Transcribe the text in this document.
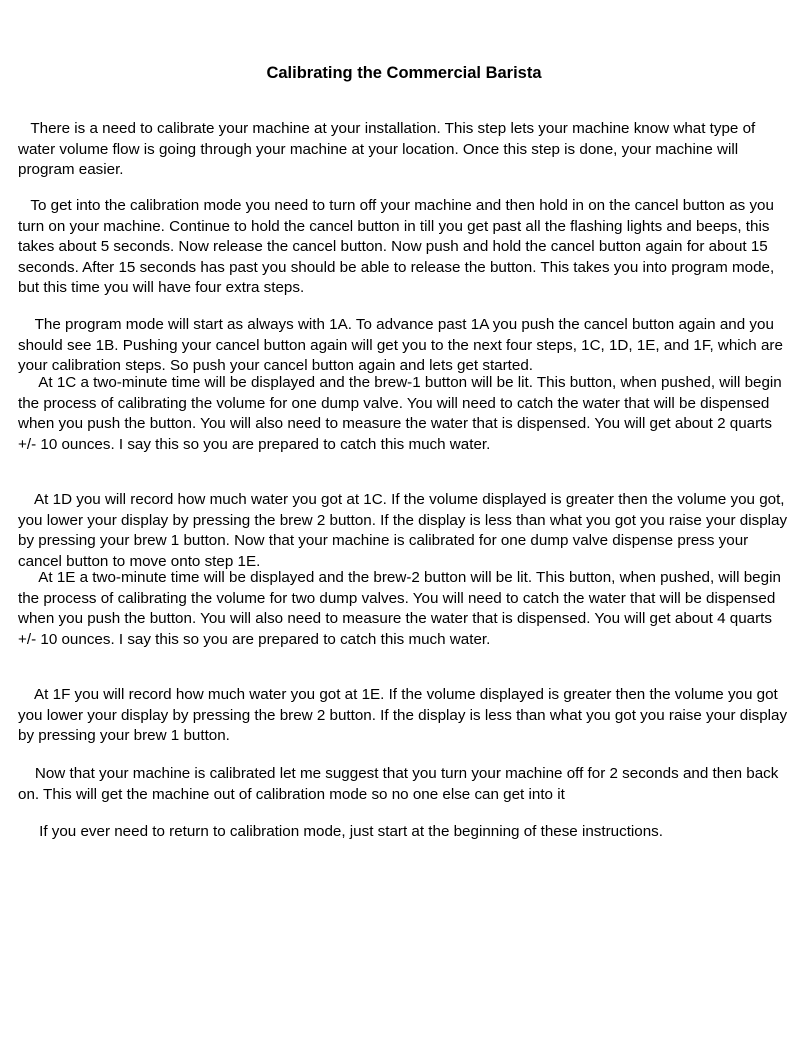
Calibrating the Commercial Barista

There is a need to calibrate your machine at your installation. This step lets your machine know what type of water volume flow is going through your machine at your location. Once this step is done, your machine will program easier.

To get into the calibration mode you need to turn off your machine and then hold in on the cancel button as you turn on your machine. Continue to hold the cancel button in till you get past all the flashing lights and beeps, this takes about 5 seconds. Now release the cancel button. Now push and hold the cancel button again for about 15 seconds. After 15 seconds has past you should be able to release the button. This takes you into program mode, but this time you will have four extra steps.

The program mode will start as always with 1A. To advance past 1A you push the cancel button again and you should see 1B. Pushing your cancel button again will get you to the next four steps, 1C, 1D, 1E, and 1F, which are your calibration steps. So push your cancel button again and lets get started.

At 1C a two-minute time will be displayed and the brew-1 button will be lit. This button, when pushed, will begin the process of calibrating the volume for one dump valve. You will need to catch the water that will be dispensed when you push the button. You will also need to measure the water that is dispensed. You will get about 2 quarts +/- 10 ounces. I say this so you are prepared to catch this much water.

At 1D you will record how much water you got at 1C. If the volume displayed is greater then the volume you got, you lower your display by pressing the brew 2 button. If the display is less than what you got you raise your display by pressing your brew 1 button. Now that your machine is calibrated for one dump valve dispense press your cancel button to move onto step 1E.

At 1E a two-minute time will be displayed and the brew-2 button will be lit. This button, when pushed, will begin the process of calibrating the volume for two dump valves. You will need to catch the water that will be dispensed when you push the button. You will also need to measure the water that is dispensed. You will get about 4 quarts +/- 10 ounces. I say this so you are prepared to catch this much water.

At 1F you will record how much water you got at 1E. If the volume displayed is greater then the volume you got you lower your display by pressing the brew 2 button. If the display is less than what you got you raise your display by pressing your brew 1 button.

Now that your machine is calibrated let me suggest that you turn your machine off for 2 seconds and then back on. This will get the machine out of calibration mode so no one else can get into it

If you ever need to return to calibration mode, just start at the beginning of these instructions.
